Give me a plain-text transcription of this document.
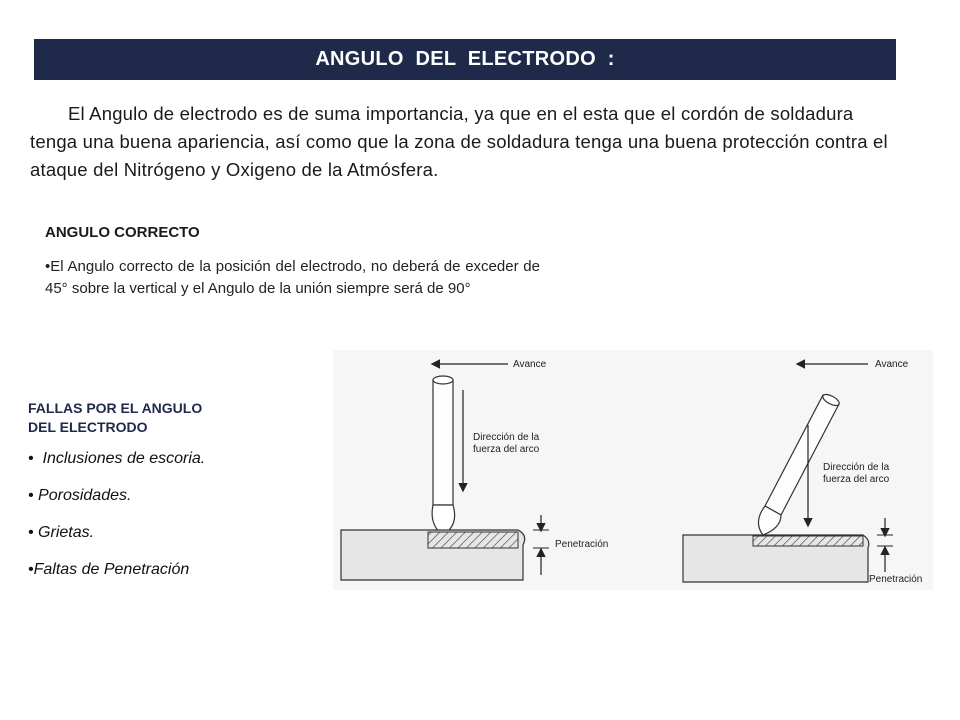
ANGULO  DEL  ELECTRODO  :

El Angulo de electrodo es de suma importancia, ya que en el esta que el cordón de soldadura tenga una buena apariencia, así como que la zona de soldadura tenga una buena protección contra el ataque del Nitrógeno y Oxigeno de la Atmósfera.

ANGULO CORRECTO

•El Angulo correcto de la posición del electrodo, no deberá de exceder de 45° sobre la vertical y el Angulo de la unión siempre será de 90°

FALLAS POR EL ANGULO
DEL ELECTRODO

•  Inclusiones de escoria.
• Porosidades.
• Grietas.
•Faltas de Penetración
Avance
Dirección de la
fuerza del arco
Penetración
Avance
Dirección de la
fuerza del arco
Penetración
